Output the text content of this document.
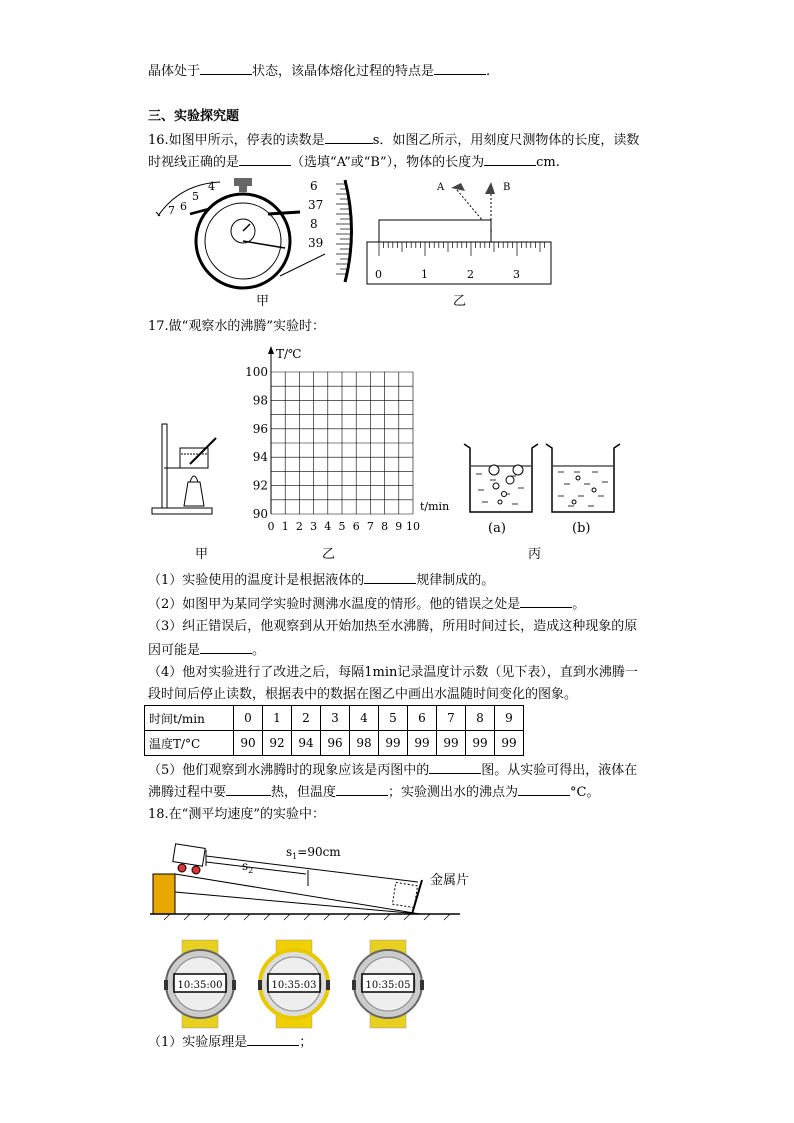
晶体处于	状态，该晶体熔化过程的特点是	.
三、实验探究题
16.如图甲所示，停表的读数是	s．如图乙所示，用刻度尺测物体的长度，读数
时视线正确的是	（选填“A”或“B”），物体的长度为	cm.
4
5
6
7
6
37
8
39
甲
A	B
0	1	2	3
乙
17.做“观察水的沸腾”实验时：
甲
T/℃
t/min
100
98
96
94
92
90
0 1 2 3 4 5 6 7 8 9 10
乙
(a)	(b)
丙
（1）实验使用的温度计是根据液体的	规律制成的。
（2）如图甲为某同学实验时测沸水温度的情形。他的错误之处是	。
（3）纠正错误后，他观察到从开始加热至水沸腾，所用时间过长，造成这种现象的原
因可能是	。
（4）他对实验进行了改进之后，每隔1min记录温度计示数（见下表），直到水沸腾一
段时间后停止读数，根据表中的数据在图乙中画出水温随时间变化的图象。
时间t/min	0	1	2	3	4	5	6	7	8	9
温度T/°C	90	92	94	96	98	99	99	99	99	99
（5）他们观察到水沸腾时的现象应该是丙图中的	图。从实验可得出，液体在
沸腾过程中要	热，但温度	；实验测出水的沸点为	°C。
18.在“测平均速度”的实验中：
$s_1=90cm$
$s_2$
金属片
10:35:00	10:35:03	10:35:05
（1）实验原理是	；
